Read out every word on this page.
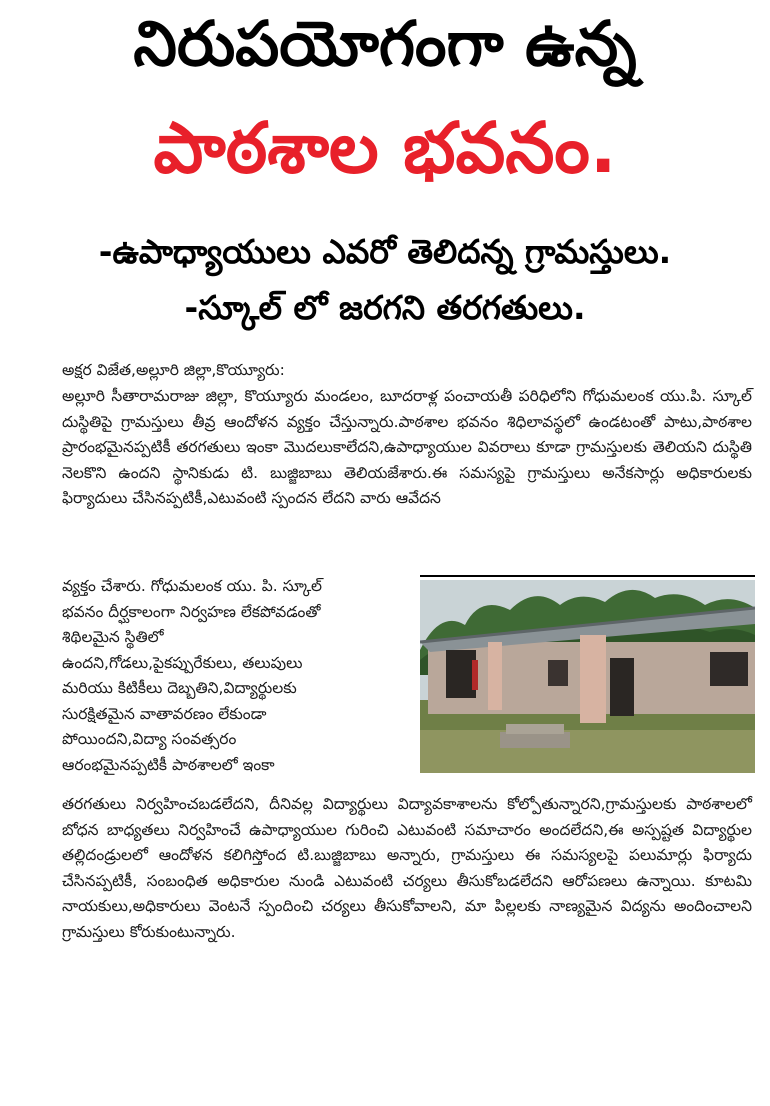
నిరుపయోగంగా ఉన్న
పాఠశాల భవనం.
-ఉపాధ్యాయులు ఎవరో తెలిదన్న గ్రామస్తులు.
-స్కూల్ లో జరగని తరగతులు.
అక్షర విజేత,అల్లూరి జిల్లా,కొయ్యూరు:
అల్లూరి సీతారామరాజు జిల్లా, కొయ్యూరు మండలం, బూదరాళ్ల పంచాయతీ పరిధిలోని గోధుమలంక యు.పి. స్కూల్ దుస్థితిపై గ్రామస్తులు తీవ్ర ఆందోళన వ్యక్తం చేస్తున్నారు.పాఠశాల భవనం శిధిలావస్థలో ఉండటంతో పాటు,పాఠశాల ప్రారంభమైనప్పటికీ తరగతులు ఇంకా మొదలుకాలేదని,ఉపాధ్యాయుల వివరాలు కూడా గ్రామస్తులకు తెలియని దుస్థితి నెలకొని ఉందని స్థానికుడు టి. బుజ్జిబాబు తెలియజేశారు.ఈ సమస్యపై గ్రామస్తులు అనేకసార్లు అధికారులకు ఫిర్యాదులు చేసినప్పటికీ,ఎటువంటి స్పందన లేదని వారు ఆవేదన
వ్యక్తం చేశారు. గోధుమలంక యు. పి. స్కూల్
భవనం దీర్ఘకాలంగా నిర్వహణ లేకపోవడంతో
శిథిలమైన స్థితిలో
ఉందని,గోడలు,పైకప్పురేకులు, తలుపులు
మరియు కిటికీలు దెబ్బతిని,విద్యార్థులకు
సురక్షితమైన వాతావరణం లేకుండా
పోయిందని,విద్యా సంవత్సరం
ఆరంభమైనప్పటికీ పాఠశాలలో ఇంకా
తరగతులు నిర్వహించబడలేదని, దీనివల్ల విద్యార్థులు విద్యావకాశాలను కోల్పోతున్నారని,గ్రామస్తులకు పాఠశాలలో బోధన బాధ్యతలు నిర్వహించే ఉపాధ్యాయుల గురించి ఎటువంటి సమాచారం అందలేదని,ఈ అస్పష్టత విద్యార్థుల తల్లిదండ్రులలో ఆందోళన కలిగిస్తోంద టి.బుజ్జిబాబు అన్నారు, గ్రామస్తులు ఈ సమస్యలపై పలుమార్లు ఫిర్యాదు చేసినప్పటికీ, సంబంధిత అధికారుల నుండి ఎటువంటి చర్యలు తీసుకోబడలేదని ఆరోపణలు ఉన్నాయి. కూటమి నాయకులు,అధికారులు వెంటనే స్పందించి చర్యలు తీసుకోవాలని, మా పిల్లలకు నాణ్యమైన విద్యను అందించాలని గ్రామస్తులు కోరుకుంటున్నారు.
